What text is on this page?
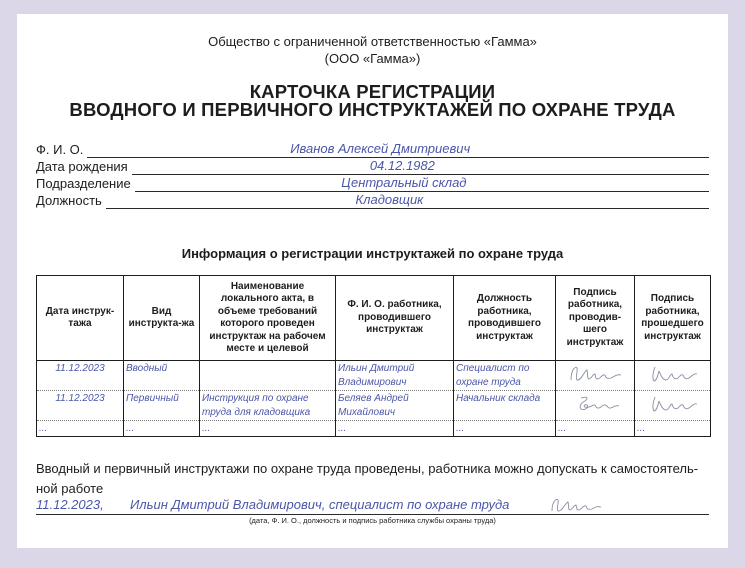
Общество с ограниченной ответственностью «Гамма»
(ООО «Гамма»)
КАРТОЧКА РЕГИСТРАЦИИ
ВВОДНОГО И ПЕРВИЧНОГО ИНСТРУКТАЖЕЙ ПО ОХРАНЕ ТРУДА
Ф. И. О.	Иванов Алексей Дмитриевич
Дата рождения	04.12.1982
Подразделение	Центральный склад
Должность	Кладовщик
Информация о регистрации инструктажей по охране труда
Дата инструк-тажа	Вид инструкта-жа	Наименование локального акта, в объеме требований которого проведен инструктаж на рабочем месте и целевой	Ф. И. О. работника, проводившего инструктаж	Должность работника, проводившего инструктаж	Подпись работника, проводив-шего инструктаж	Подпись работника, прошедшего инструктаж
11.12.2023	Вводный		Ильин Дмитрий Владимирович	Специалист по охране труда	

11.12.2023	Первичный	Инструкция по охране труда для кладовщика	Беляев Андрей Михайлович	Начальник склада	

...	...	...	...	...	...	...
Вводный и первичный инструктажи по охране труда проведены, работника можно допускать к самостоятель-ной работе
11.12.2023, Ильин Дмитрий Владимирович, специалист по охране труда
(дата, Ф. И. О., должность и подпись работника службы охраны труда)
